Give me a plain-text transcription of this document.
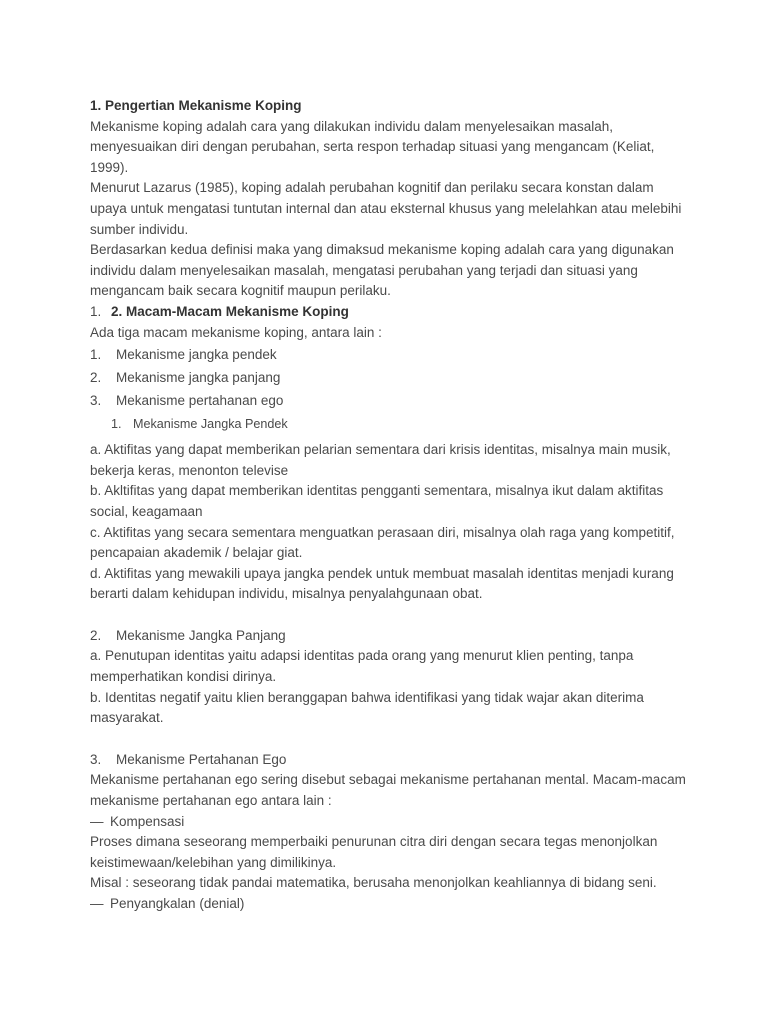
1. Pengertian Mekanisme Koping
Mekanisme koping adalah cara yang dilakukan individu dalam menyelesaikan masalah,
menyesuaikan diri dengan perubahan, serta respon terhadap situasi yang mengancam (Keliat,
1999).
Menurut Lazarus (1985), koping adalah perubahan kognitif dan perilaku secara konstan dalam
upaya untuk mengatasi tuntutan internal dan atau eksternal khusus yang melelahkan atau melebihi
sumber individu.
Berdasarkan kedua definisi maka yang dimaksud mekanisme koping adalah cara yang digunakan
individu dalam menyelesaikan masalah, mengatasi perubahan yang terjadi dan situasi yang
mengancam baik secara kognitif maupun perilaku.
1. 2. Macam-Macam Mekanisme Koping
Ada tiga macam mekanisme koping, antara lain :
1. Mekanisme jangka pendek
2. Mekanisme jangka panjang
3. Mekanisme pertahanan ego
1. Mekanisme Jangka Pendek
a. Aktifitas yang dapat memberikan pelarian sementara dari krisis identitas, misalnya main musik,
bekerja keras, menonton televise
b. Akltifitas yang dapat memberikan identitas pengganti sementara, misalnya ikut dalam aktifitas
social, keagamaan
c. Aktifitas yang secara sementara menguatkan perasaan diri, misalnya olah raga yang kompetitif,
pencapaian akademik / belajar giat.
d. Aktifitas yang mewakili upaya jangka pendek untuk membuat masalah identitas menjadi kurang
berarti dalam kehidupan individu, misalnya penyalahgunaan obat.
2. Mekanisme Jangka Panjang
a. Penutupan identitas yaitu adapsi identitas pada orang yang menurut klien penting, tanpa
memperhatikan kondisi dirinya.
b. Identitas negatif yaitu klien beranggapan bahwa identifikasi yang tidak wajar akan diterima
masyarakat.
3. Mekanisme Pertahanan Ego
Mekanisme pertahanan ego sering disebut sebagai mekanisme pertahanan mental. Macam-macam
mekanisme pertahanan ego antara lain :
— Kompensasi
Proses dimana seseorang memperbaiki penurunan citra diri dengan secara tegas menonjolkan
keistimewaan/kelebihan yang dimilikinya.
Misal : seseorang tidak pandai matematika, berusaha menonjolkan keahliannya di bidang seni.
— Penyangkalan (denial)
